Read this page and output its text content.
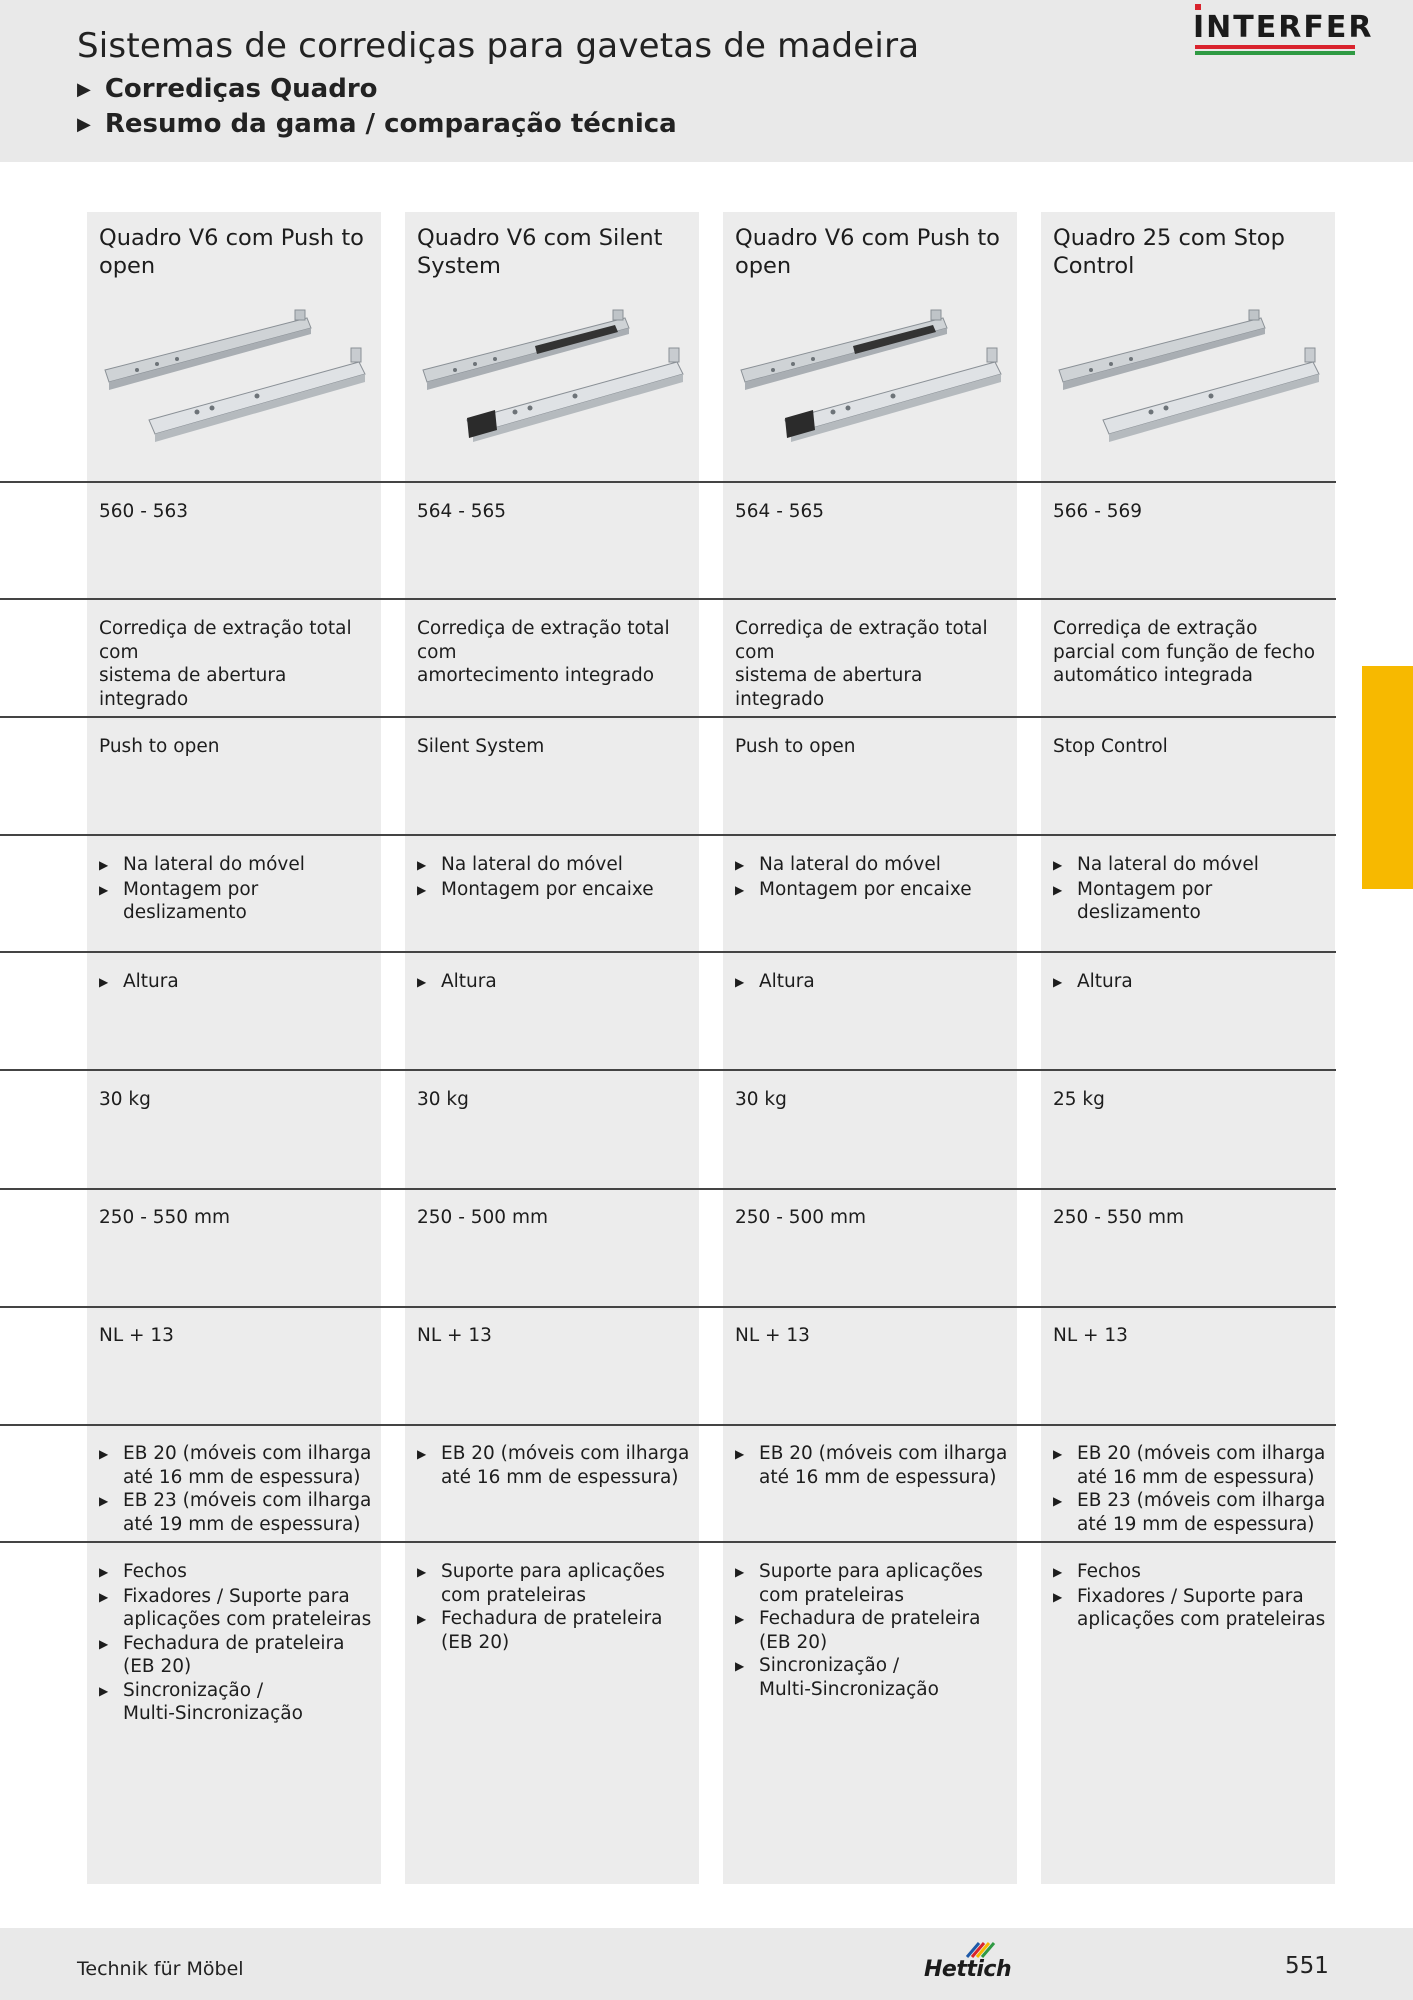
Sistemas de corrediças para gavetas de madeira
▶ Corrediças Quadro
▶ Resumo da gama / comparação técnica
INTERFER
Quadro V6 com Push to open
560 - 563
Corrediça de extração total com
sistema de abertura integrado
Push to open
▶ Na lateral do móvel
▶ Montagem por deslizamento
▶ Altura
30 kg
250 - 550 mm
NL + 13
▶ EB 20 (móveis com ilharga
até 16 mm de espessura)
▶ EB 23 (móveis com ilharga
até 19 mm de espessura)
▶ Fechos
▶ Fixadores / Suporte para
aplicações com prateleiras
▶ Fechadura de prateleira
(EB 20)
▶ Sincronização /
Multi-Sincronização
Quadro V6 com Silent System
564 - 565
Corrediça de extração total com
amortecimento integrado
Silent System
▶ Na lateral do móvel
▶ Montagem por encaixe
▶ Altura
30 kg
250 - 500 mm
NL + 13
▶ EB 20 (móveis com ilharga
até 16 mm de espessura)
▶ Suporte para aplicações
com prateleiras
▶ Fechadura de prateleira
(EB 20)
Quadro V6 com Push to open
564 - 565
Corrediça de extração total com
sistema de abertura integrado
Push to open
▶ Na lateral do móvel
▶ Montagem por encaixe
▶ Altura
30 kg
250 - 500 mm
NL + 13
▶ EB 20 (móveis com ilharga
até 16 mm de espessura)
▶ Suporte para aplicações
com prateleiras
▶ Fechadura de prateleira
(EB 20)
▶ Sincronização /
Multi-Sincronização
Quadro 25 com Stop Control
566 - 569
Corrediça de extração
parcial com função de fecho
automático integrada
Stop Control
▶ Na lateral do móvel
▶ Montagem por deslizamento
▶ Altura
25 kg
250 - 550 mm
NL + 13
▶ EB 20 (móveis com ilharga
até 16 mm de espessura)
▶ EB 23 (móveis com ilharga
até 19 mm de espessura)
▶ Fechos
▶ Fixadores / Suporte para
aplicações com prateleiras
Technik für Möbel	Hettich	551
